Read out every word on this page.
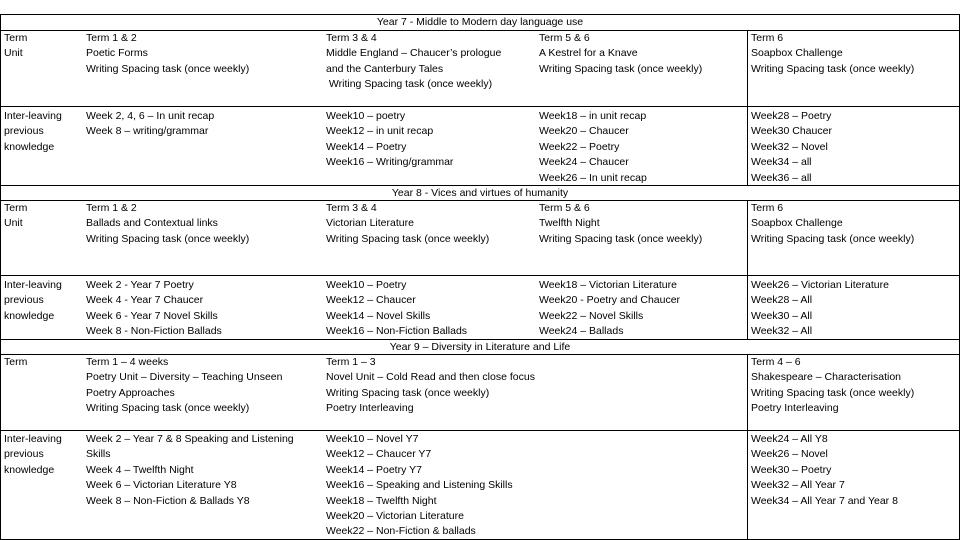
Year 7 - Middle to Modern day language use
Term
Unit
Term 1 & 2
Poetic Forms
Writing Spacing task (once weekly)
Term 3 & 4
Middle England – Chaucer’s prologue
and the Canterbury Tales
Writing Spacing task (once weekly)
Term 5 & 6
A Kestrel for a Knave
Writing Spacing task (once weekly)
Term 6
Soapbox Challenge
Writing Spacing task (once weekly)
Inter-leaving
previous
knowledge
Week 2, 4, 6 – In unit recap
Week 8 – writing/grammar
Week10 – poetry
Week12 – in unit recap
Week14 – Poetry
Week16 – Writing/grammar
Week18 – in unit recap
Week20 – Chaucer
Week22 – Poetry
Week24 – Chaucer
Week26 – In unit recap
Week28 – Poetry
Week30 Chaucer
Week32 – Novel
Week34 – all
Week36 – all
Year 8 - Vices and virtues of humanity
Term
Unit
Term 1 & 2
Ballads and Contextual links
Writing Spacing task (once weekly)
Term 3 & 4
Victorian Literature
Writing Spacing task (once weekly)
Term 5 & 6
Twelfth Night
Writing Spacing task (once weekly)
Term 6
Soapbox Challenge
Writing Spacing task (once weekly)
Inter-leaving
previous
knowledge
Week 2 - Year 7 Poetry
Week 4 - Year 7 Chaucer
Week 6 - Year 7 Novel Skills
Week 8 - Non-Fiction Ballads
Week10 – Poetry
Week12 – Chaucer
Week14 – Novel Skills
Week16 – Non-Fiction Ballads
Week18 – Victorian Literature
Week20 - Poetry and Chaucer
Week22 – Novel Skills
Week24 – Ballads
Week26 – Victorian Literature
Week28 – All
Week30 – All
Week32 – All
Year 9 – Diversity in Literature and Life
Term	Term 1 – 4 weeks
Poetry Unit – Diversity – Teaching Unseen
Poetry Approaches
Writing Spacing task (once weekly)
Term 1 – 3
Novel Unit – Cold Read and then close focus
Writing Spacing task (once weekly)
Poetry Interleaving
Term 4 – 6
Shakespeare – Characterisation
Writing Spacing task (once weekly)
Poetry Interleaving
Inter-leaving
previous
knowledge
Week 2 – Year 7 & 8 Speaking and Listening
Skills
Week 4 – Twelfth Night
Week 6 – Victorian Literature Y8
Week 8 – Non-Fiction & Ballads Y8
Week10 – Novel Y7
Week12 – Chaucer Y7
Week14 – Poetry Y7
Week16 – Speaking and Listening Skills
Week18 – Twelfth Night
Week20 – Victorian Literature
Week22 – Non-Fiction & ballads
Week24 – All Y8
Week26 – Novel
Week30 – Poetry
Week32 – All Year 7
Week34 – All Year 7 and Year 8
